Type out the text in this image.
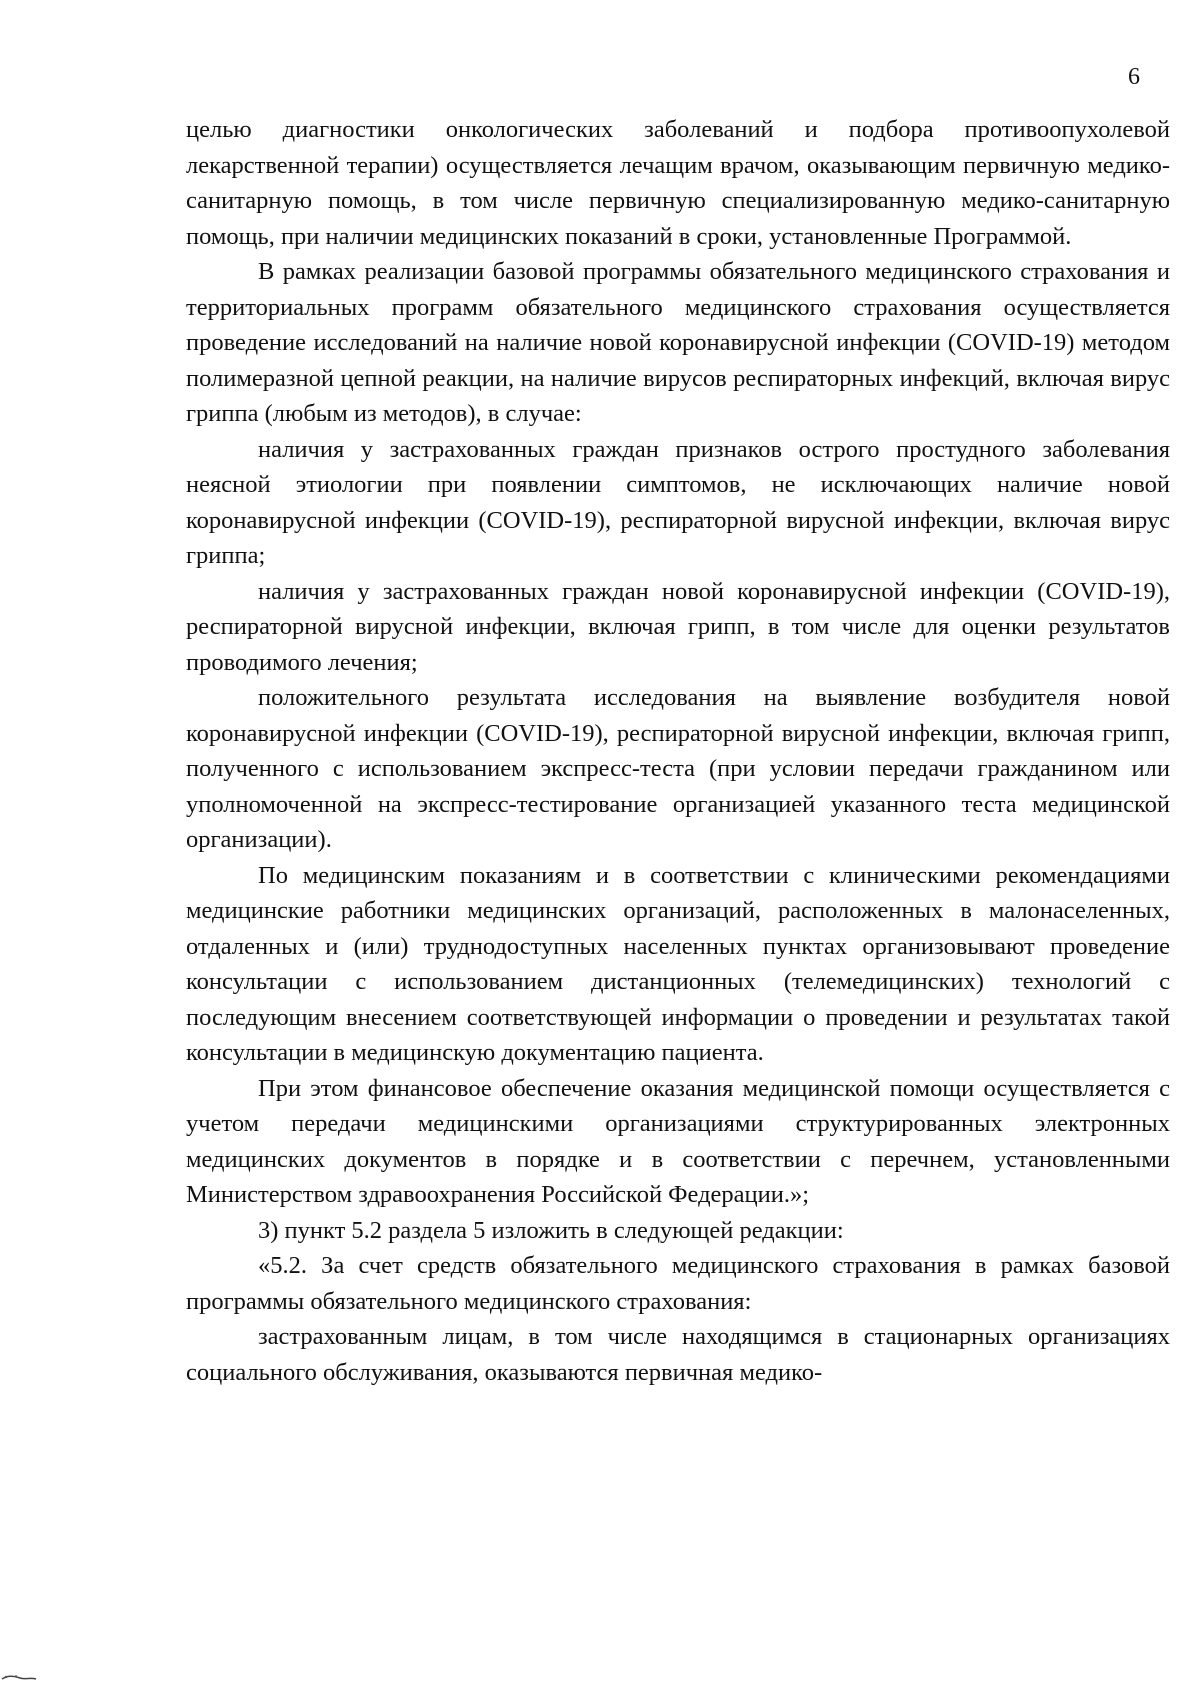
6

целью диагностики онкологических заболеваний и подбора противоопухолевой лекарственной терапии) осуществляется лечащим врачом, оказывающим первичную медико-санитарную помощь, в том числе первичную специализированную медико-санитарную помощь, при наличии медицинских показаний в сроки, установленные Программой.

В рамках реализации базовой программы обязательного медицинского страхования и территориальных программ обязательного медицинского страхования осуществляется проведение исследований на наличие новой коронавирусной инфекции (COVID-19) методом полимеразной цепной реакции, на наличие вирусов респираторных инфекций, включая вирус гриппа (любым из методов), в случае:

наличия у застрахованных граждан признаков острого простудного заболевания неясной этиологии при появлении симптомов, не исключающих наличие новой коронавирусной инфекции (COVID-19), респираторной вирусной инфекции, включая вирус гриппа;

наличия у застрахованных граждан новой коронавирусной инфекции (COVID-19), респираторной вирусной инфекции, включая грипп, в том числе для оценки результатов проводимого лечения;

положительного результата исследования на выявление возбудителя новой коронавирусной инфекции (COVID-19), респираторной вирусной инфекции, включая грипп, полученного с использованием экспресс-теста (при условии передачи гражданином или уполномоченной на экспресс-тестирование организацией указанного теста медицинской организации).

По медицинским показаниям и в соответствии с клиническими рекомендациями медицинские работники медицинских организаций, расположенных в малонаселенных, отдаленных и (или) труднодоступных населенных пунктах организовывают проведение консультации с использованием дистанционных (телемедицинских) технологий с последующим внесением соответствующей информации о проведении и результатах такой консультации в медицинскую документацию пациента.

При этом финансовое обеспечение оказания медицинской помощи осуществляется с учетом передачи медицинскими организациями структурированных электронных медицинских документов в порядке и в соответствии с перечнем, установленными Министерством здравоохранения Российской Федерации.»;

3) пункт 5.2 раздела 5 изложить в следующей редакции:

«5.2. За счет средств обязательного медицинского страхования в рамках базовой программы обязательного медицинского страхования:

застрахованным лицам, в том числе находящимся в стационарных организациях социального обслуживания, оказываются первичная медико-
